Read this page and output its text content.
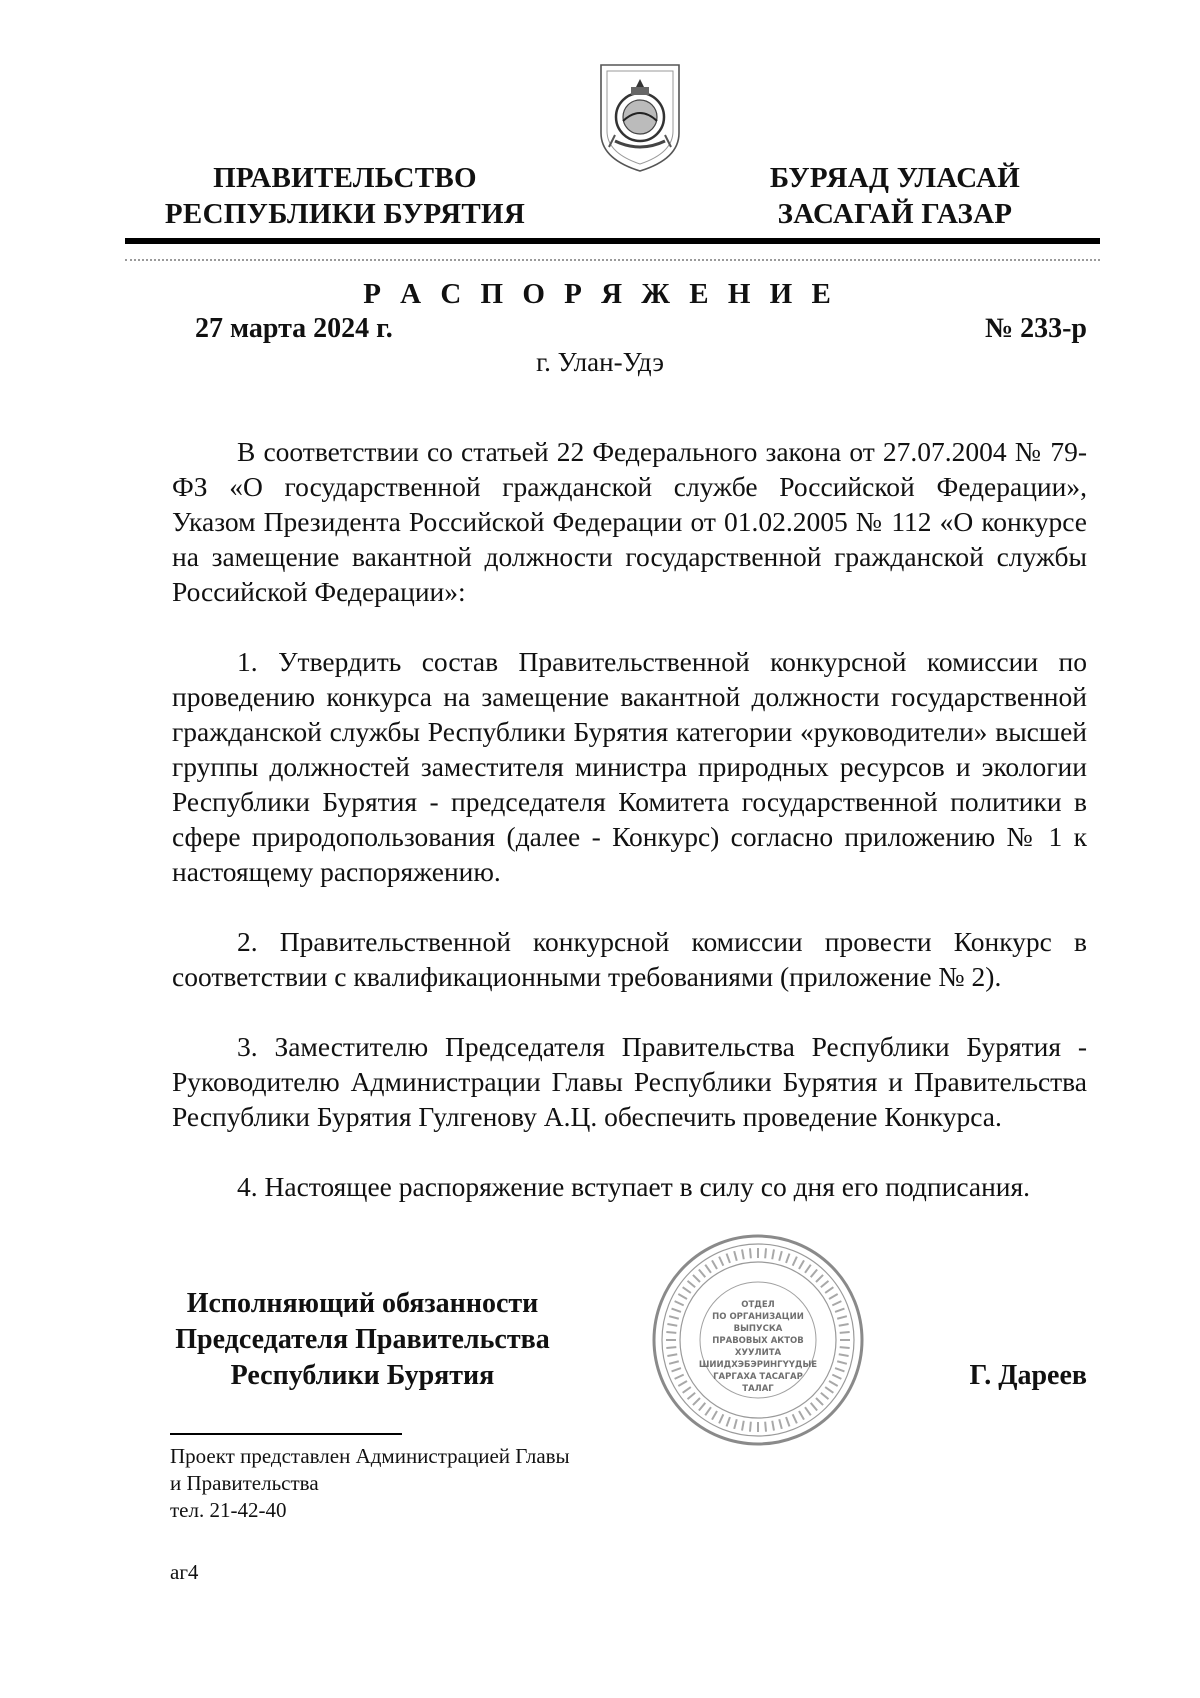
ПРАВИТЕЛЬСТВО
РЕСПУБЛИКИ БУРЯТИЯ
БУРЯАД УЛАСАЙ
ЗАСАГАЙ ГАЗАР
Р А С П О Р Я Ж Е Н И Е
27 марта 2024 г.	№ 233-р
г. Улан-Удэ

В соответствии со статьей 22 Федерального закона от 27.07.2004 № 79-ФЗ «О государственной гражданской службе Российской Федерации», Указом Президента Российской Федерации от 01.02.2005 № 112 «О конкурсе на замещение вакантной должности государственной гражданской службы Российской Федерации»:

1. Утвердить состав Правительственной конкурсной комиссии по проведению конкурса на замещение вакантной должности государственной гражданской службы Республики Бурятия категории «руководители» высшей группы должностей заместителя министра природных ресурсов и экологии Республики Бурятия - председателя Комитета государственной политики в сфере природопользования (далее - Конкурс) согласно приложению № 1 к настоящему распоряжению.

2. Правительственной конкурсной комиссии провести Конкурс в соответствии с квалификационными требованиями (приложение № 2).

3. Заместителю Председателя Правительства Республики Бурятия - Руководителю Администрации Главы Республики Бурятия и Правительства Республики Бурятия Гулгенову А.Ц. обеспечить проведение Конкурса.

4. Настоящее распоряжение вступает в силу со дня его подписания.

Исполняющий обязанности
Председателя Правительства
Республики Бурятия
ОТДЕЛ
ПО ОРГАНИЗАЦИИ
ВЫПУСКА
ПРАВОВЫХ АКТОВ
ХУУЛИТА
ШИИДХЭБЭРИНГҮҮДЫЕ
ГАРГАХА ТАСАГАР
ТАЛАГ	Г. Дареев
Проект представлен Администрацией Главы
и Правительства
тел. 21-42-40
аг4
